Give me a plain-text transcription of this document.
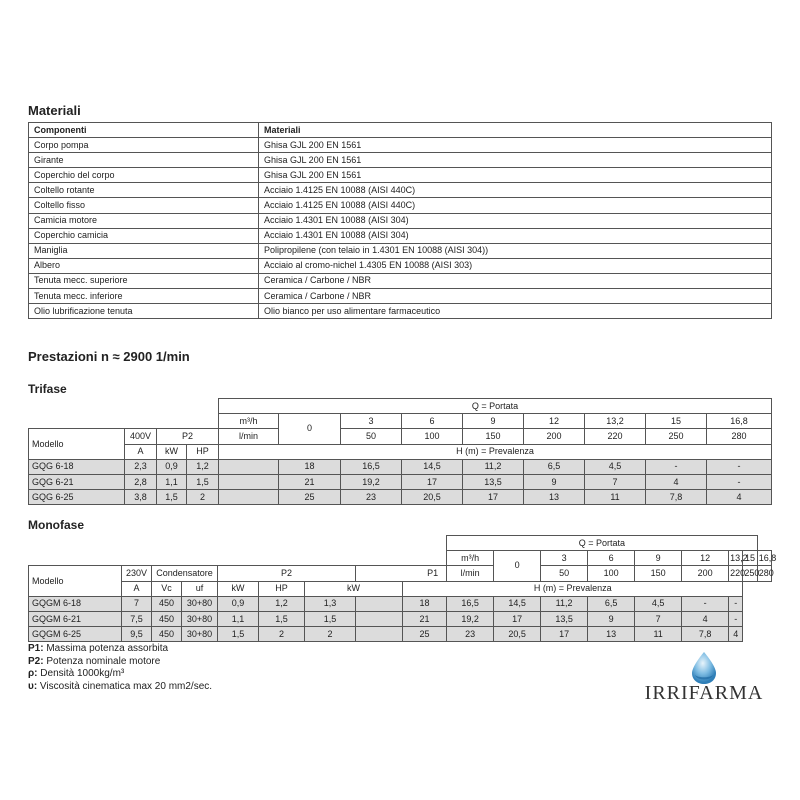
Materiali
Componenti	Materiali
Corpo pompa	Ghisa GJL 200 EN 1561
Girante	Ghisa GJL 200 EN 1561
Coperchio del corpo	Ghisa GJL 200 EN 1561
Coltello rotante	Acciaio 1.4125 EN 10088 (AISI 440C)
Coltello fisso	Acciaio 1.4125 EN 10088 (AISI 440C)
Camicia motore	Acciaio 1.4301 EN 10088 (AISI 304)
Coperchio camicia	Acciaio 1.4301 EN 10088 (AISI 304)
Maniglia	Polipropilene (con telaio in 1.4301 EN 10088 (AISI 304))
Albero	Acciaio al cromo-nichel 1.4305 EN 10088 (AISI 303)
Tenuta mecc. superiore	Ceramica / Carbone / NBR
Tenuta mecc. inferiore	Ceramica / Carbone / NBR
Olio lubrificazione tenuta	Olio bianco per uso alimentare farmaceutico
Prestazioni n ≈ 2900 1/min
Trifase
				Q = Portata								
				m³/h	0	3	6	9	12	13,2	15	16,8
Modello	400V	P2		l/min		50	100	150	200	220	250	280
	A	kW	HP	H (m) = Prevalenza								
GQG 6-18	2,3	0,9	1,2		18	16,5	14,5	11,2	6,5	4,5	-	-
GQG 6-21	2,8	1,1	1,5		21	19,2	17	13,5	9	7	4	-
GQG 6-25	3,8	1,5	2		25	23	20,5	17	13	11	7,8	4
Monofase
									Q = Portata								
									m³/h	0	3	6	9	12	13,2	15	16,8
Modello	230V	Condensatore		P2			P1		l/min		50	100	150	200	220	250	280
	A	Vc	uf	kW	HP	kW		H (m) = Prevalenza									
GQGM 6-18	7	450	30+80	0,9	1,2	1,3		18	16,5	14,5	11,2	6,5	4,5	-	-		
GQGM 6-21	7,5	450	30+80	1,1	1,5	1,5		21	19,2	17	13,5	9	7	4	-		
GQGM 6-25	9,5	450	30+80	1,5	2	2		25	23	20,5	17	13	11	7,8	4		
P1: Massima potenza assorbita
P2: Potenza nominale motore
ρ: Densità 1000kg/m³
υ: Viscosità cinematica max 20 mm2/sec.	IRRIFARMA
